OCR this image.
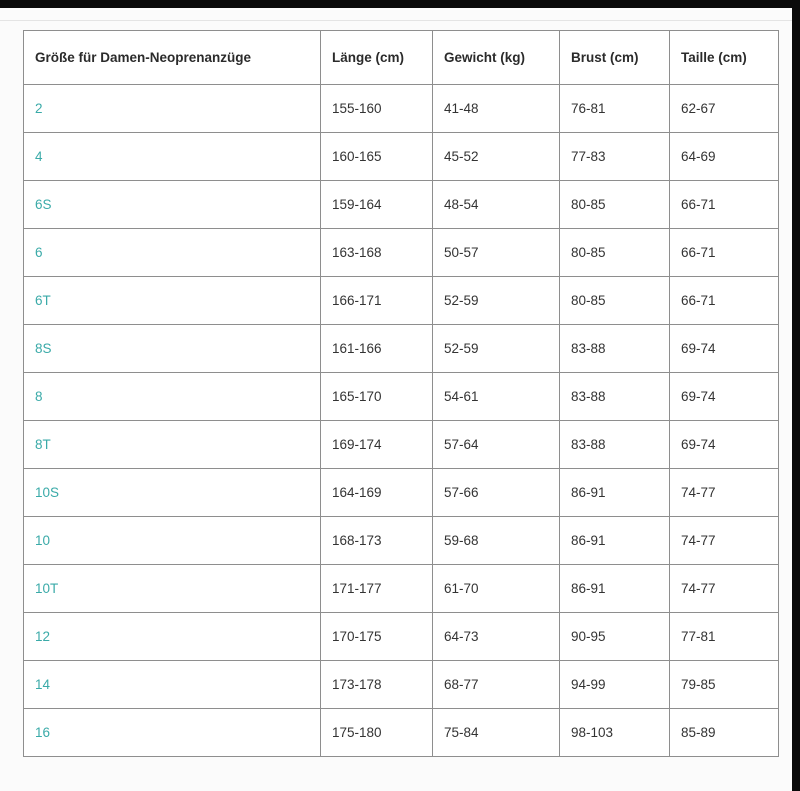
Größe für Damen-Neoprenanzüge	Länge (cm)	Gewicht (kg)	Brust (cm)	Taille (cm)
2	155-160	41-48	76-81	62-67
4	160-165	45-52	77-83	64-69
6S	159-164	48-54	80-85	66-71
6	163-168	50-57	80-85	66-71
6T	166-171	52-59	80-85	66-71
8S	161-166	52-59	83-88	69-74
8	165-170	54-61	83-88	69-74
8T	169-174	57-64	83-88	69-74
10S	164-169	57-66	86-91	74-77
10	168-173	59-68	86-91	74-77
10T	171-177	61-70	86-91	74-77
12	170-175	64-73	90-95	77-81
14	173-178	68-77	94-99	79-85
16	175-180	75-84	98-103	85-89
